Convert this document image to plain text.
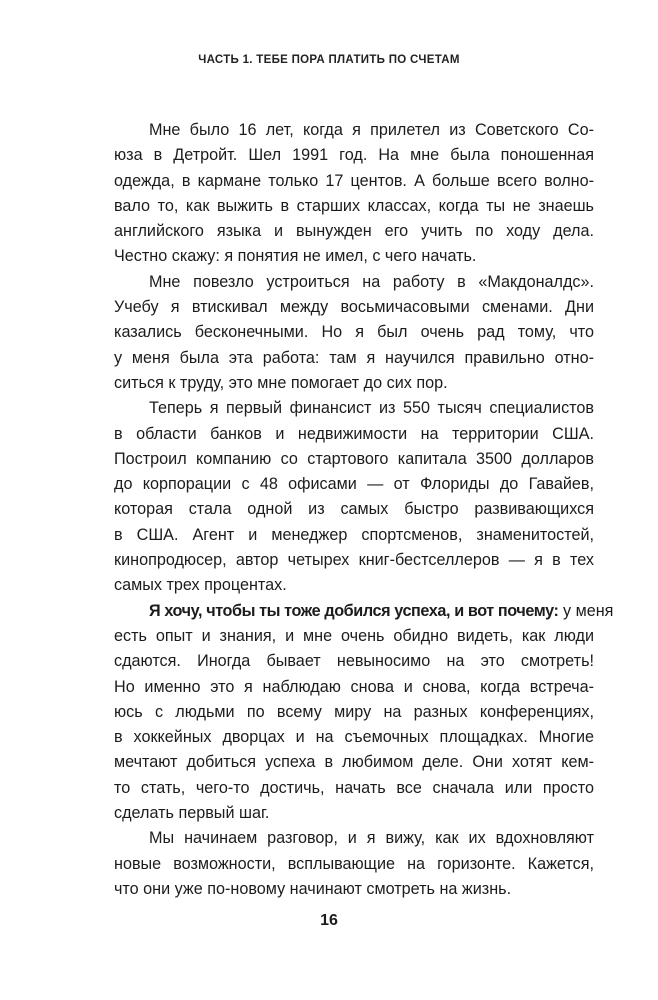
ЧАСТЬ 1. ТЕБЕ ПОРА ПЛАТИТЬ ПО СЧЕТАМ
Мне было 16 лет, когда я прилетел из Советского Со-
юза в Детройт. Шел 1991 год. На мне была поношенная
одежда, в кармане только 17 центов. А больше всего волно-
вало то, как выжить в старших классах, когда ты не знаешь
английского языка и вынужден его учить по ходу дела.
Честно скажу: я понятия не имел, с чего начать.
Мне повезло устроиться на работу в «Макдоналдс».
Учебу я втискивал между восьмичасовыми сменами. Дни
казались бесконечными. Но я был очень рад тому, что
у меня была эта работа: там я научился правильно отно-
ситься к труду, это мне помогает до сих пор.
Теперь я первый финансист из 550 тысяч специалистов
в области банков и недвижимости на территории США.
Построил компанию со стартового капитала 3500 долларов
до корпорации с 48 офисами — от Флориды до Гавайев,
которая стала одной из самых быстро развивающихся
в США. Агент и менеджер спортсменов, знаменитостей,
кинопродюсер, автор четырех книг-бестселлеров — я в тех
самых трех процентах.
Я хочу, чтобы ты тоже добился успеха, и вот почему: у меня
есть опыт и знания, и мне очень обидно видеть, как люди
сдаются. Иногда бывает невыносимо на это смотреть!
Но именно это я наблюдаю снова и снова, когда встреча-
юсь с людьми по всему миру на разных конференциях,
в хоккейных дворцах и на съемочных площадках. Многие
мечтают добиться успеха в любимом деле. Они хотят кем-
то стать, чего-то достичь, начать все сначала или просто
сделать первый шаг.
Мы начинаем разговор, и я вижу, как их вдохновляют
новые возможности, всплывающие на горизонте. Кажется,
что они уже по-новому начинают смотреть на жизнь.
16
